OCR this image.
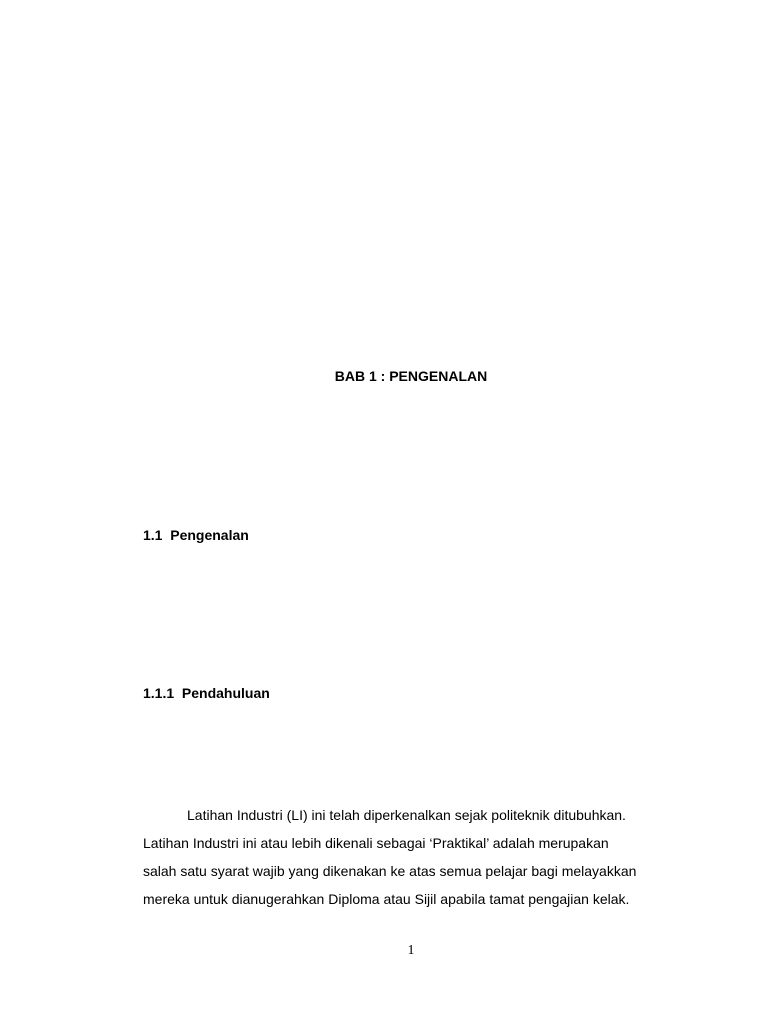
BAB 1 : PENGENALAN
1.1  Pengenalan
1.1.1  Pendahuluan
Latihan Industri (LI) ini telah diperkenalkan sejak politeknik ditubuhkan.
Latihan Industri ini atau lebih dikenali sebagai ‘Praktikal’ adalah merupakan
salah satu syarat wajib yang dikenakan ke atas semua pelajar bagi melayakkan
mereka untuk dianugerahkan Diploma atau Sijil apabila tamat pengajian kelak.
1
